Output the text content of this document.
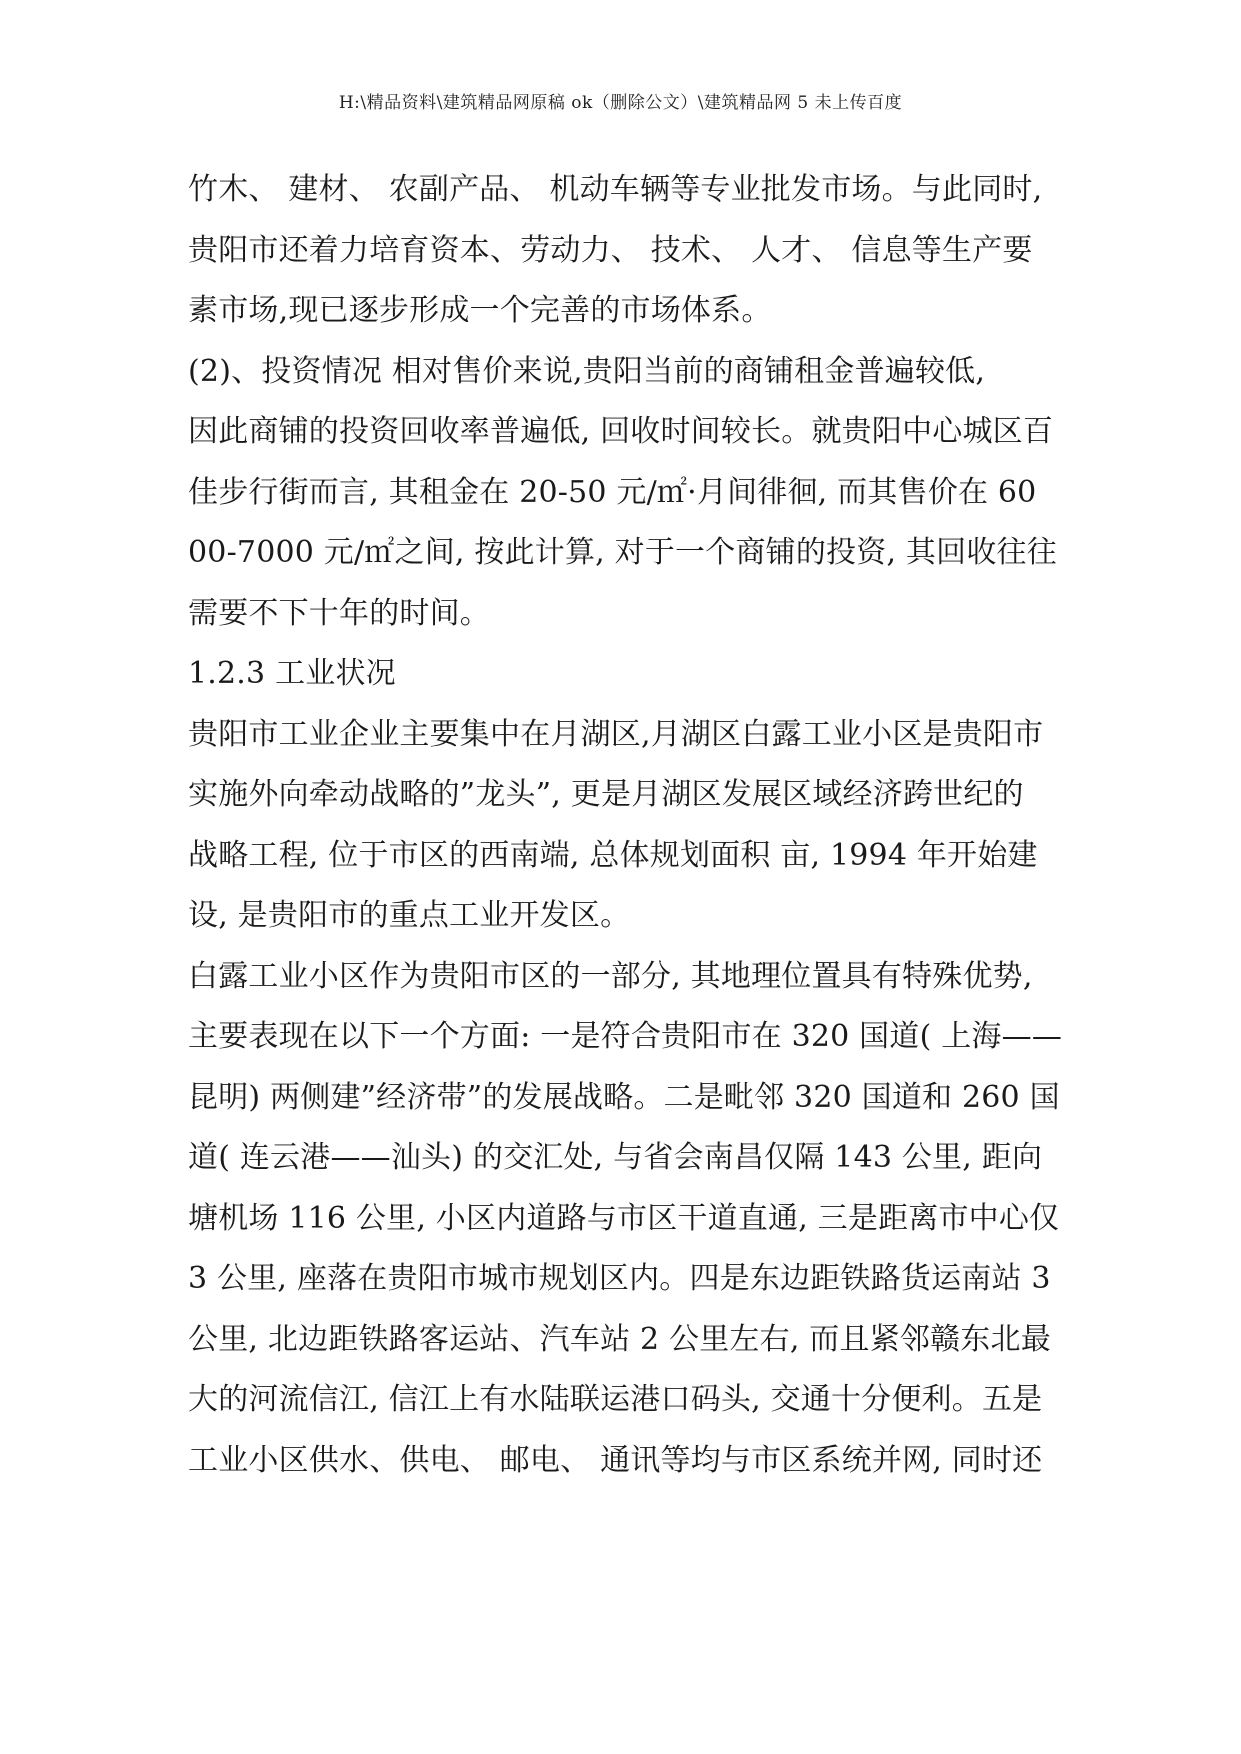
H:\精品资料\建筑精品网原稿 ok（删除公文）\建筑精品网 5 未上传百度
竹木、 建材、 农副产品、 机动车辆等专业批发市场。与此同时,
贵阳市还着力培育资本、劳动力、 技术、 人才、 信息等生产要
素市场,现已逐步形成一个完善的市场体系。
(2)、投资情况 相对售价来说,贵阳当前的商铺租金普遍较低,
因此商铺的投资回收率普遍低, 回收时间较长。就贵阳中心城区百
佳步行街而言, 其租金在 20-50 元/㎡·月间徘徊, 而其售价在 60
00-7000 元/㎡之间, 按此计算, 对于一个商铺的投资, 其回收往往
需要不下十年的时间。
1.2.3 工业状况
贵阳市工业企业主要集中在月湖区,月湖区白露工业小区是贵阳市
实施外向牵动战略的”龙头”, 更是月湖区发展区域经济跨世纪的
战略工程, 位于市区的西南端, 总体规划面积 亩, 1994 年开始建
设, 是贵阳市的重点工业开发区。
白露工业小区作为贵阳市区的一部分, 其地理位置具有特殊优势,
主要表现在以下一个方面: 一是符合贵阳市在 320 国道( 上海——
昆明) 两侧建”经济带”的发展战略。二是毗邻 320 国道和 260 国
道( 连云港——汕头) 的交汇处, 与省会南昌仅隔 143 公里, 距向
塘机场 116 公里, 小区内道路与市区干道直通, 三是距离市中心仅
3 公里, 座落在贵阳市城市规划区内。四是东边距铁路货运南站 3
公里, 北边距铁路客运站、汽车站 2 公里左右, 而且紧邻赣东北最
大的河流信江, 信江上有水陆联运港口码头, 交通十分便利。五是
工业小区供水、供电、 邮电、 通讯等均与市区系统并网, 同时还
